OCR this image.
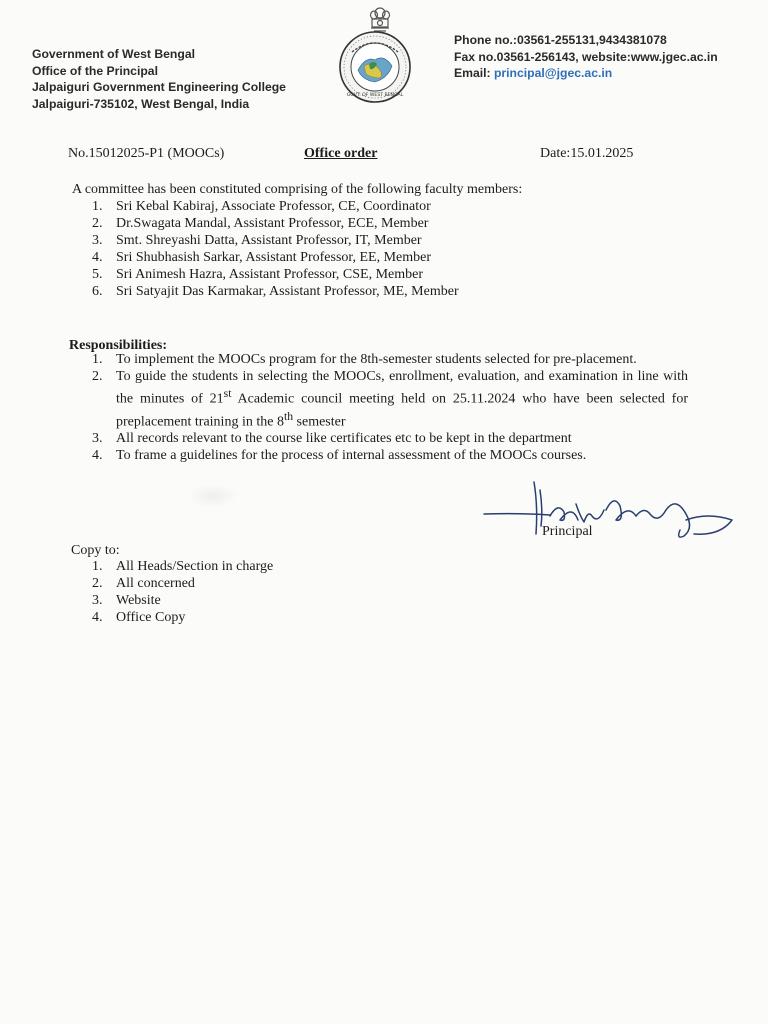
Government of West Bengal
Office of the Principal
Jalpaiguri Government Engineering College
Jalpaiguri-735102, West Bengal, India
GOVT. OF WEST BENGAL
Phone no.:03561-255131,9434381078
Fax no.03561-256143, website:www.jgec.ac.in
Email: principal@jgec.ac.in
No.15012025-P1 (MOOCs)	Office order	Date:15.01.2025
A committee has been constituted comprising of the following faculty members:
1. Sri Kebal Kabiraj, Associate Professor, CE, Coordinator
2. Dr.Swagata Mandal, Assistant Professor, ECE, Member
3. Smt. Shreyashi Datta, Assistant Professor, IT, Member
4. Sri Shubhasish Sarkar, Assistant Professor, EE, Member
5. Sri Animesh Hazra, Assistant Professor, CSE, Member
6. Sri Satyajit Das Karmakar, Assistant Professor, ME, Member
Responsibilities:
1. To implement the MOOCs program for the 8th-semester students selected for pre-placement.
2. To guide the students in selecting the MOOCs, enrollment, evaluation, and examination in line with the minutes of 21st Academic council meeting held on 25.11.2024 who have been selected for preplacement training in the 8th semester
3. All records relevant to the course like certificates etc to be kept in the department
4. To frame a guidelines for the process of internal assessment of the MOOCs courses.
Principal
Copy to:
1. All Heads/Section in charge
2. All concerned
3. Website
4. Office Copy
